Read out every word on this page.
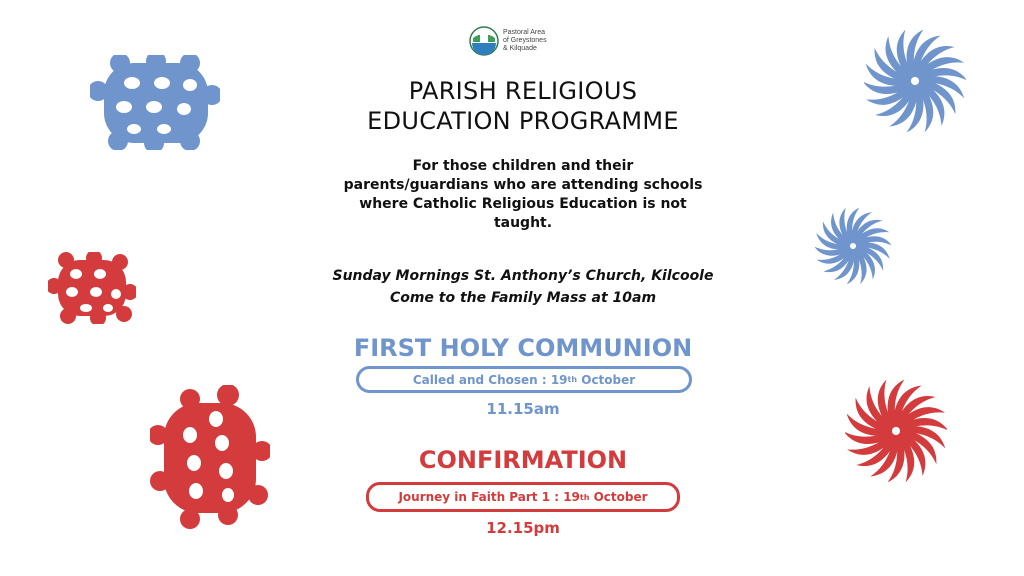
Pastoral Area
of Greystones
& Kilquade
PARISH RELIGIOUS
EDUCATION PROGRAMME
For those children and their
parents/guardians who are attending schools
where Catholic Religious Education is not
taught.
Sunday Mornings St. Anthony’s Church, Kilcoole
Come to the Family Mass at 10am
FIRST HOLY COMMUNION
Called and Chosen : 19 th October
11.15am
CONFIRMATION
Journey in Faith Part 1 : 19 th October
12.15pm
